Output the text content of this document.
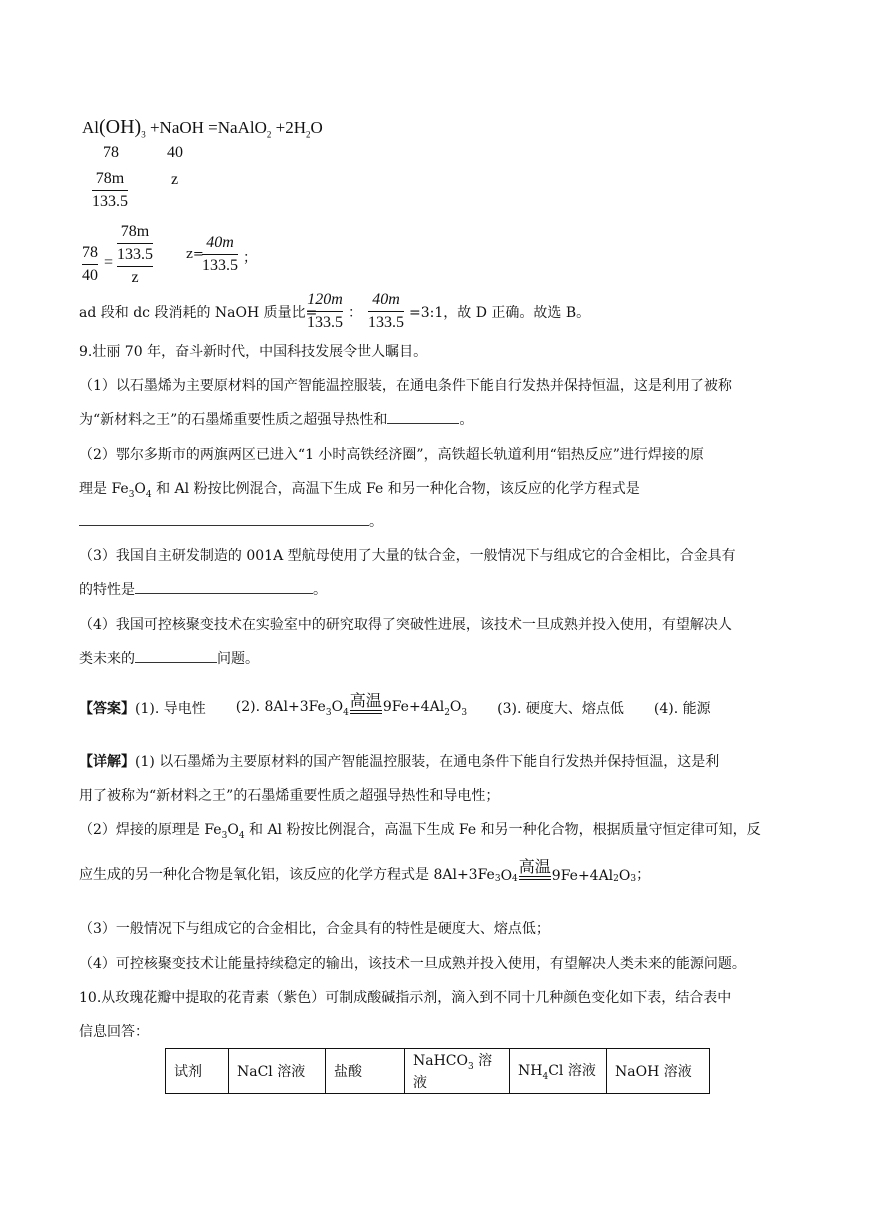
$Al(OH)_3$ +NaOH =NaAlO$_2$ $+2H_2O$
78	40
78m
133.5
z
78
40
=
78m
133.5
z
z=
40m
133.5 ；
ad 段和 dc 段消耗的 NaOH 质量比=
120m
133.5
：
40m
133.5
=3:1，故 D 正确。故选 B。
9.壮丽 70 年，奋斗新时代，中国科技发展令世人瞩目。
（1）以石墨烯为主要原材料的国产智能温控服装，在通电条件下能自行发热并保持恒温，这是利用了被称
为“新材料之王”的石墨烯重要性质之超强导热性和	。
（2）鄂尔多斯市的两旗两区已进入“1 小时高铁经济圈”，高铁超长轨道利用“铝热反应”进行焊接的原
理是 $Fe_3O_4$ 和 Al 粉按比例混合，高温下生成 Fe 和另一种化合物，该反应的化学方程式是
。
（3）我国自主研发制造的 001A 型航母使用了大量的钛合金，一般情况下与组成它的合金相比，合金具有
的特性是	。
（4）我国可控核聚变技术在实验室中的研究取得了突破性进展，该技术一旦成熟并投入使用，有望解决人
类未来的	问题。
【答案】 (1). 导电性 (2). $8Al+3Fe_3O_4$
高温 $9Fe+4Al_2O_3$ (3). 硬度大、熔点低 (4). 能源
【详解】(1) 以石墨烯为主要原材料的国产智能温控服装，在通电条件下能自行发热并保持恒温，这是利
用了被称为“新材料之王”的石墨烯重要性质之超强导热性和导电性；
（2）焊接的原理是 $Fe_3O_4$ 和 Al 粉按比例混合，高温下生成 Fe 和另一种化合物，根据质量守恒定律可知，反
应生成的另一种化合物是氧化铝，该反应的化学方程式是 $8Al+3Fe_3$ $O_4$
高温 $9Fe+4Al_2$ $O_3$ ；
（3）一般情况下与组成它的合金相比，合金具有的特性是硬度大、熔点低；
（4）可控核聚变技术让能量持续稳定的输出，该技术一旦成熟并投入使用，有望解决人类未来的能源问题。
10.从玫瑰花瓣中提取的花青素（紫色）可制成酸碱指示剂，滴入到不同十几种颜色变化如下表，结合表中
信息回答：
试剂	NaCl 溶液	盐酸	NaHCO$_3$ 溶液	$NH_4Cl$ 溶液	NaOH 溶液
